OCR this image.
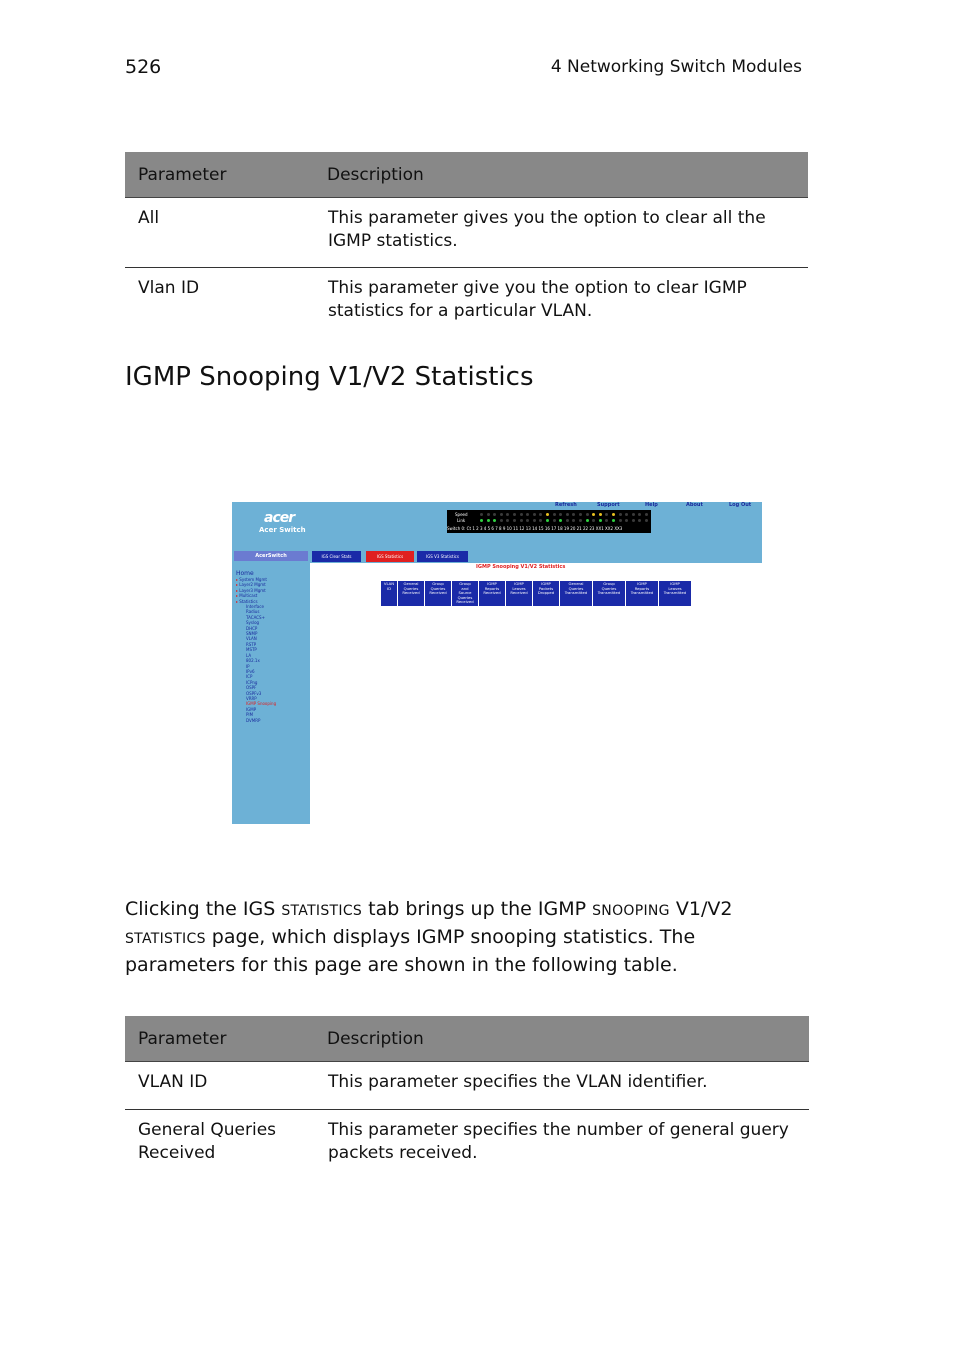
526	4 Networking Switch Modules
Parameter	Description
All	This parameter gives you the option to clear all the IGMP statistics.
Vlan ID	This parameter give you the option to clear IGMP statistics for a particular VLAN.
IGMP Snooping V1/V2 Statistics
acer
Acer Switch
Refresh	Support	Help	About	Log Out
Speed
Link
Switch 0: Ct 1 2 3 4 5 6 7 8 9 10 11 12 13 14 15 16 17 18 19 20 21 22 23 XX1 XX2 XX3
AcerSwitch
Home
▸ System Mgmt
▸ Layer2 Mgmt
▸ Layer3 Mgmt
▸ Multicast
▸ Statistics
Interface
Radius
TACACS+
Syslog
DHCP
SNMP
VLAN
RSTP
MSTP
LA
802.1x
IP
IPv6
ICP
ICPng
OSPF
OSPFv3
VRRP
IGMP Snooping
IGMP
PIM
DVMRP
IGS Clear Stats	IGS Statistics	IGS V3 Statistics
IGMP Snooping V1/V2 Statistics
VLAN
ID

General
Queries
Received

Group
Queries
Received

Group
and
Source
Queries
Received

IGMP
Reports
Received

IGMP
Leaves
Received

IGMP
Packets
Dropped

General
Queries
Transmitted

Group
Queries
Transmitted

IGMP
Reports
Transmitted

IGMP
Leaves
Transmitted

Clicking the IGS STATISTICS tab brings up the IGMP SNOOPING V1/V2 STATISTICS page, which displays IGMP snooping statistics. The parameters for this page are shown in the following table.

Parameter	Description
VLAN ID	This parameter specifies the VLAN identifier.
General Queries Received	This parameter specifies the number of general guery packets received.
